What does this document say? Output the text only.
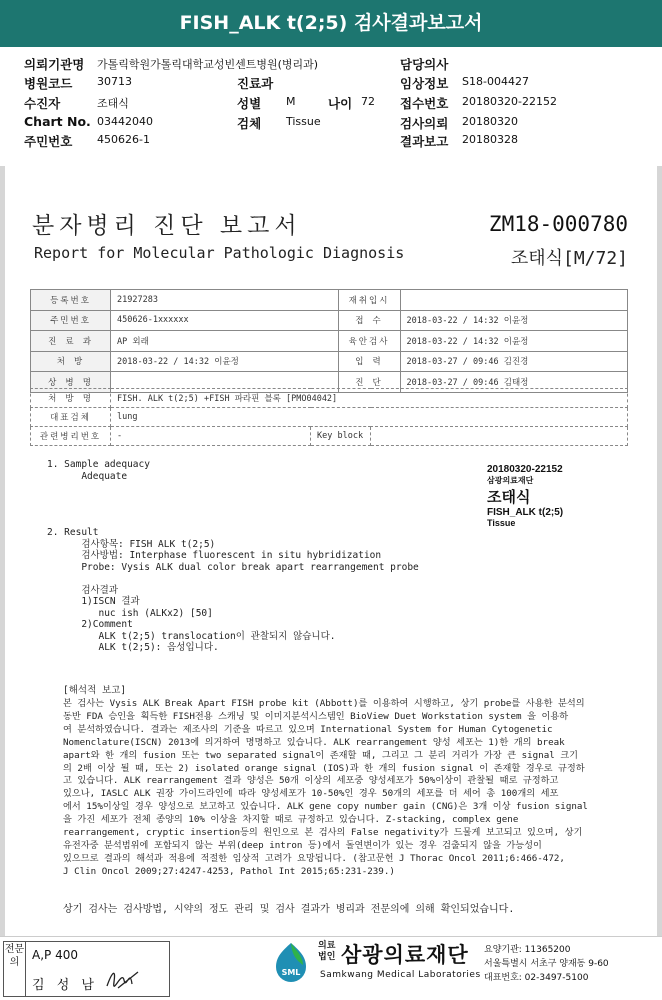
FISH_ALK t(2;5) 검사결과보고서
의뢰기관명 가톨릭학원가톨릭대학교성빈센트병원(병리과)	담당의사
병원코드 30713	진료과	임상정보 S18-004427
수진자	조태식	성별 M	나이 72 접수번호 20180320-22152
Chart No. 03442040	검체 Tissue	검사의뢰 20180320
주민번호 450626-1	결과보고 20180328
분자병리 진단 보고서
Report for Molecular Pathologic Diagnosis
ZM18-000780
조태식[M/72]
등록번호	21927283	재취입시	
주민번호	450626-1xxxxxx	접 수	2018-03-22 / 14:32 이윤정
진 료 과	AP 외래	육안검사	2018-03-22 / 14:32 이윤정
처 방	2018-03-22 / 14:32 이윤정	입 력	2018-03-27 / 09:46 김진경
상 병 명		진 단	2018-03-27 / 09:46 김태정
처 방 명	FISH. ALK t(2;5) +FISH 파라핀 블록 [PMO04042]		
대표검체	lung		
관련병리번호	-	Key block	
20180320-22152
삼광의료재단
조태식
FISH_ALK t(2;5)
Tissue
1. Sample adequacy
Adequate
2. Result
검사항목: FISH ALK t(2;5)
검사방법: Interphase fluorescent in situ hybridization
Probe: Vysis ALK dual color break apart rearrangement probe

검사결과
1)ISCN 결과
nuc ish (ALKx2) [50]
2)Comment
ALK t(2;5) translocation이 관찰되지 않습니다.
ALK t(2;5): 음성입니다.
[해석적 보고]

본 검사는 Vysis ALK Break Apart FISH probe kit (Abbott)를 이용하여 시행하고, 상기 probe를 사용한 분석의

동반 FDA 승인을 획득한 FISH전용 스캐닝 및 이미지분석시스템인 BioView Duet Workstation system 을 이용하

여 분석하였습니다. 결과는 제조사의 기준을 따르고 있으며 International System for Human Cytogenetic

Nomenclature(ISCN) 2013에 의거하여 명명하고 있습니다. ALK rearrangement 양성 세포는 1)한 개의 break

apart와 한 개의 fusion 또는 two separated signal이 존재할 때, 그리고 그 분리 거리가 가장 큰 signal 크기

의 2배 이상 될 때, 또는 2) isolated orange signal (IOS)과 한 개의 fusion signal 이 존재할 경우로 규정하

고 있습니다. ALK rearrangement 결과 양성은 50개 이상의 세포중 양성세포가 50%이상이 관찰될 때로 규정하고

있으나, IASLC ALK 권장 가이드라인에 따라 양성세포가 10-50%인 경우 50개의 세포를 더 세어 총 100개의 세포

에서 15%이상일 경우 양성으로 보고하고 있습니다. ALK gene copy number gain (CNG)은 3개 이상 fusion signal

을 가진 세포가 전체 종양의 10% 이상을 차지할 때로 규정하고 있습니다. Z-stacking, complex gene

rearrangement, cryptic insertion등의 원인으로 본 검사의 False negativity가 드물게 보고되고 있으며, 상기

유전자중 분석범위에 포함되지 않는 부위(deep intron 등)에서 돌연변이가 있는 경우 검출되지 않을 가능성이

있으므로 결과의 해석과 적용에 적절한 임상적 고려가 요망됩니다. (참고문헌 J Thorac Oncol 2011;6:466-472,

J Clin Oncol 2009;27:4247-4253, Pathol Int 2015;65:231-239.)

상기 검사는 검사방법, 시약의 정도 관리 및 검사 결과가 병리과 전문의에 의해 확인되었습니다.
전문의
A,P 400
김 성 남
SML
의료
법인 삼광의료재단
Samkwang Medical Laboratories
요양기관: 11365200
서울특별시 서초구 양재동 9-60
대표번호: 02-3497-5100
